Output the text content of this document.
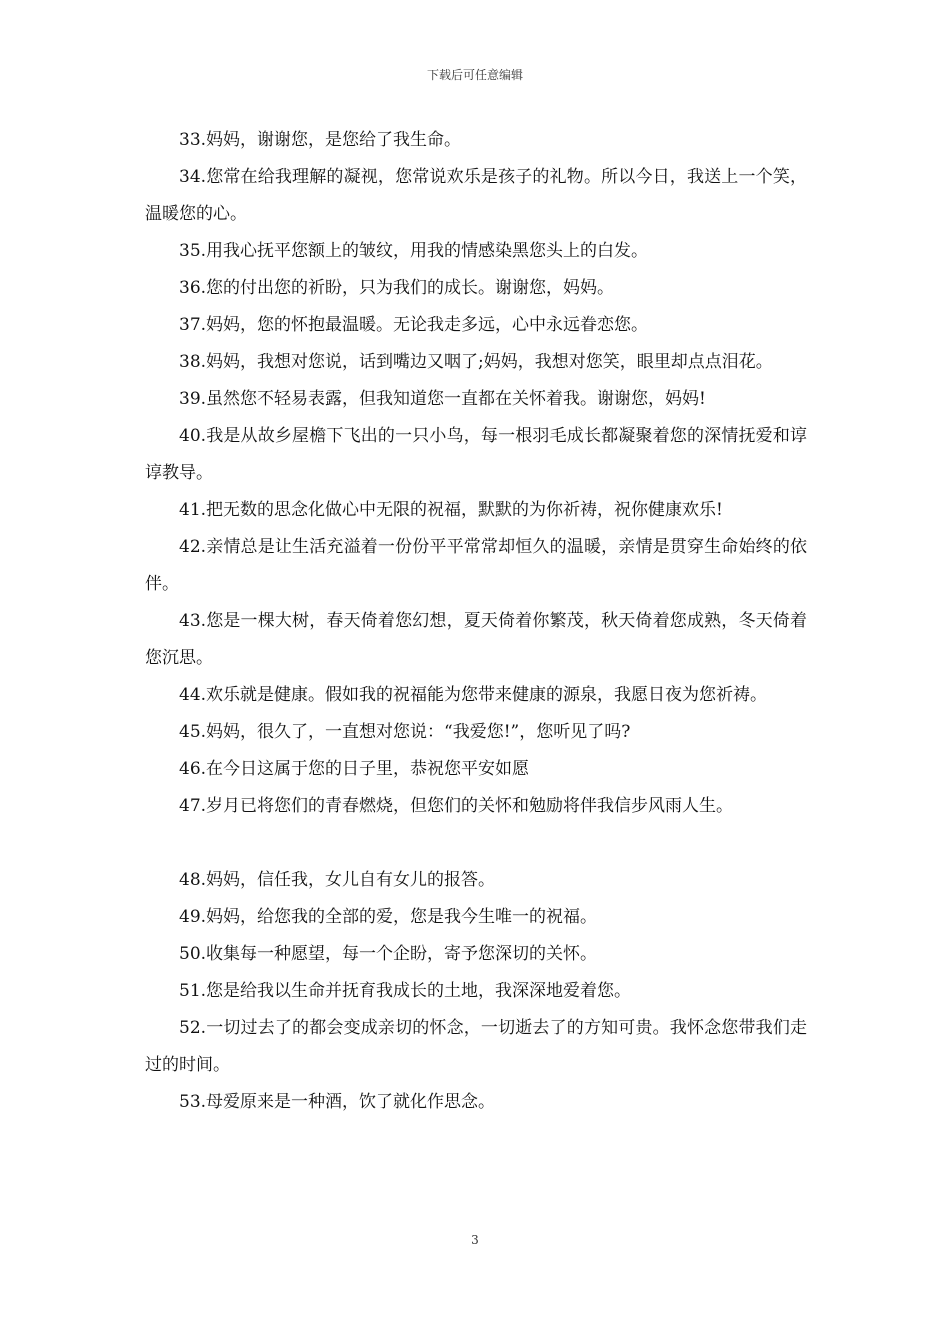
下载后可任意编辑

33.妈妈，谢谢您，是您给了我生命。

34.您常在给我理解的凝视，您常说欢乐是孩子的礼物。所以今日，我送上一个笑，温暖您的心。

35.用我心抚平您额上的皱纹，用我的情感染黑您头上的白发。

36.您的付出您的祈盼，只为我们的成长。谢谢您，妈妈。

37.妈妈，您的怀抱最温暖。无论我走多远，心中永远眷恋您。

38.妈妈，我想对您说，话到嘴边又咽了;妈妈，我想对您笑，眼里却点点泪花。

39.虽然您不轻易表露，但我知道您一直都在关怀着我。谢谢您，妈妈!

40.我是从故乡屋檐下飞出的一只小鸟，每一根羽毛成长都凝聚着您的深情抚爱和谆谆教导。

41.把无数的思念化做心中无限的祝福，默默的为你祈祷，祝你健康欢乐!

42.亲情总是让生活充溢着一份份平平常常却恒久的温暖，亲情是贯穿生命始终的依伴。

43.您是一棵大树，春天倚着您幻想，夏天倚着你繁茂，秋天倚着您成熟，冬天倚着您沉思。

44.欢乐就是健康。假如我的祝福能为您带来健康的源泉，我愿日夜为您祈祷。

45.妈妈，很久了，一直想对您说：“我爱您!”，您听见了吗?

46.在今日这属于您的日子里，恭祝您平安如愿

47.岁月已将您们的青春燃烧，但您们的关怀和勉励将伴我信步风雨人生。

48.妈妈，信任我，女儿自有女儿的报答。

49.妈妈，给您我的全部的爱，您是我今生唯一的祝福。

50.收集每一种愿望，每一个企盼，寄予您深切的关怀。

51.您是给我以生命并抚育我成长的土地，我深深地爱着您。

52.一切过去了的都会变成亲切的怀念，一切逝去了的方知可贵。我怀念您带我们走过的时间。

53.母爱原来是一种酒，饮了就化作思念。

3
